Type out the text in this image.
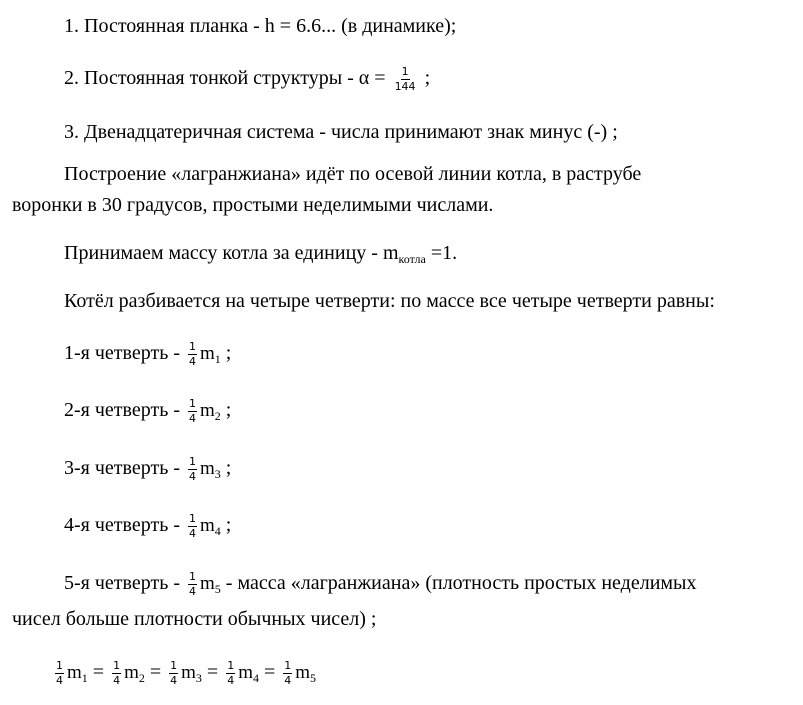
1. Постоянная планка - h = 6.6... (в динамике);
2. Постоянная тонкой структуры - $\alpha = \frac{1}{144}$ ;
3. Двенадцатеричная система - числа принимают знак минус (-) ;
Построение «лагранжиана» идёт по осевой линии котла, в раструбе
воронки в 30 градусов, простыми неделимыми числами.
Принимаем массу котла за единицу - $m_{котла} =1$.
Котёл разбивается на четыре четверти: по массе все четыре четверти равны:
1-я четверть - $\frac{1}{4} m_1$ ;
2-я четверть - $\frac{1}{4} m_2$ ;
3-я четверть - $\frac{1}{4} m_3$ ;
4-я четверть - $\frac{1}{4} m_4$ ;
5-я четверть - $\frac{1}{4} m_5$ - масса «лагранжиана» (плотность простых неделимых
чисел больше плотности обычных чисел) ;
$\frac{1}{4} m_1 = \frac{1}{4} m_2 = \frac{1}{4} m_3 = \frac{1}{4} m_4 = \frac{1}{4} m_5$
